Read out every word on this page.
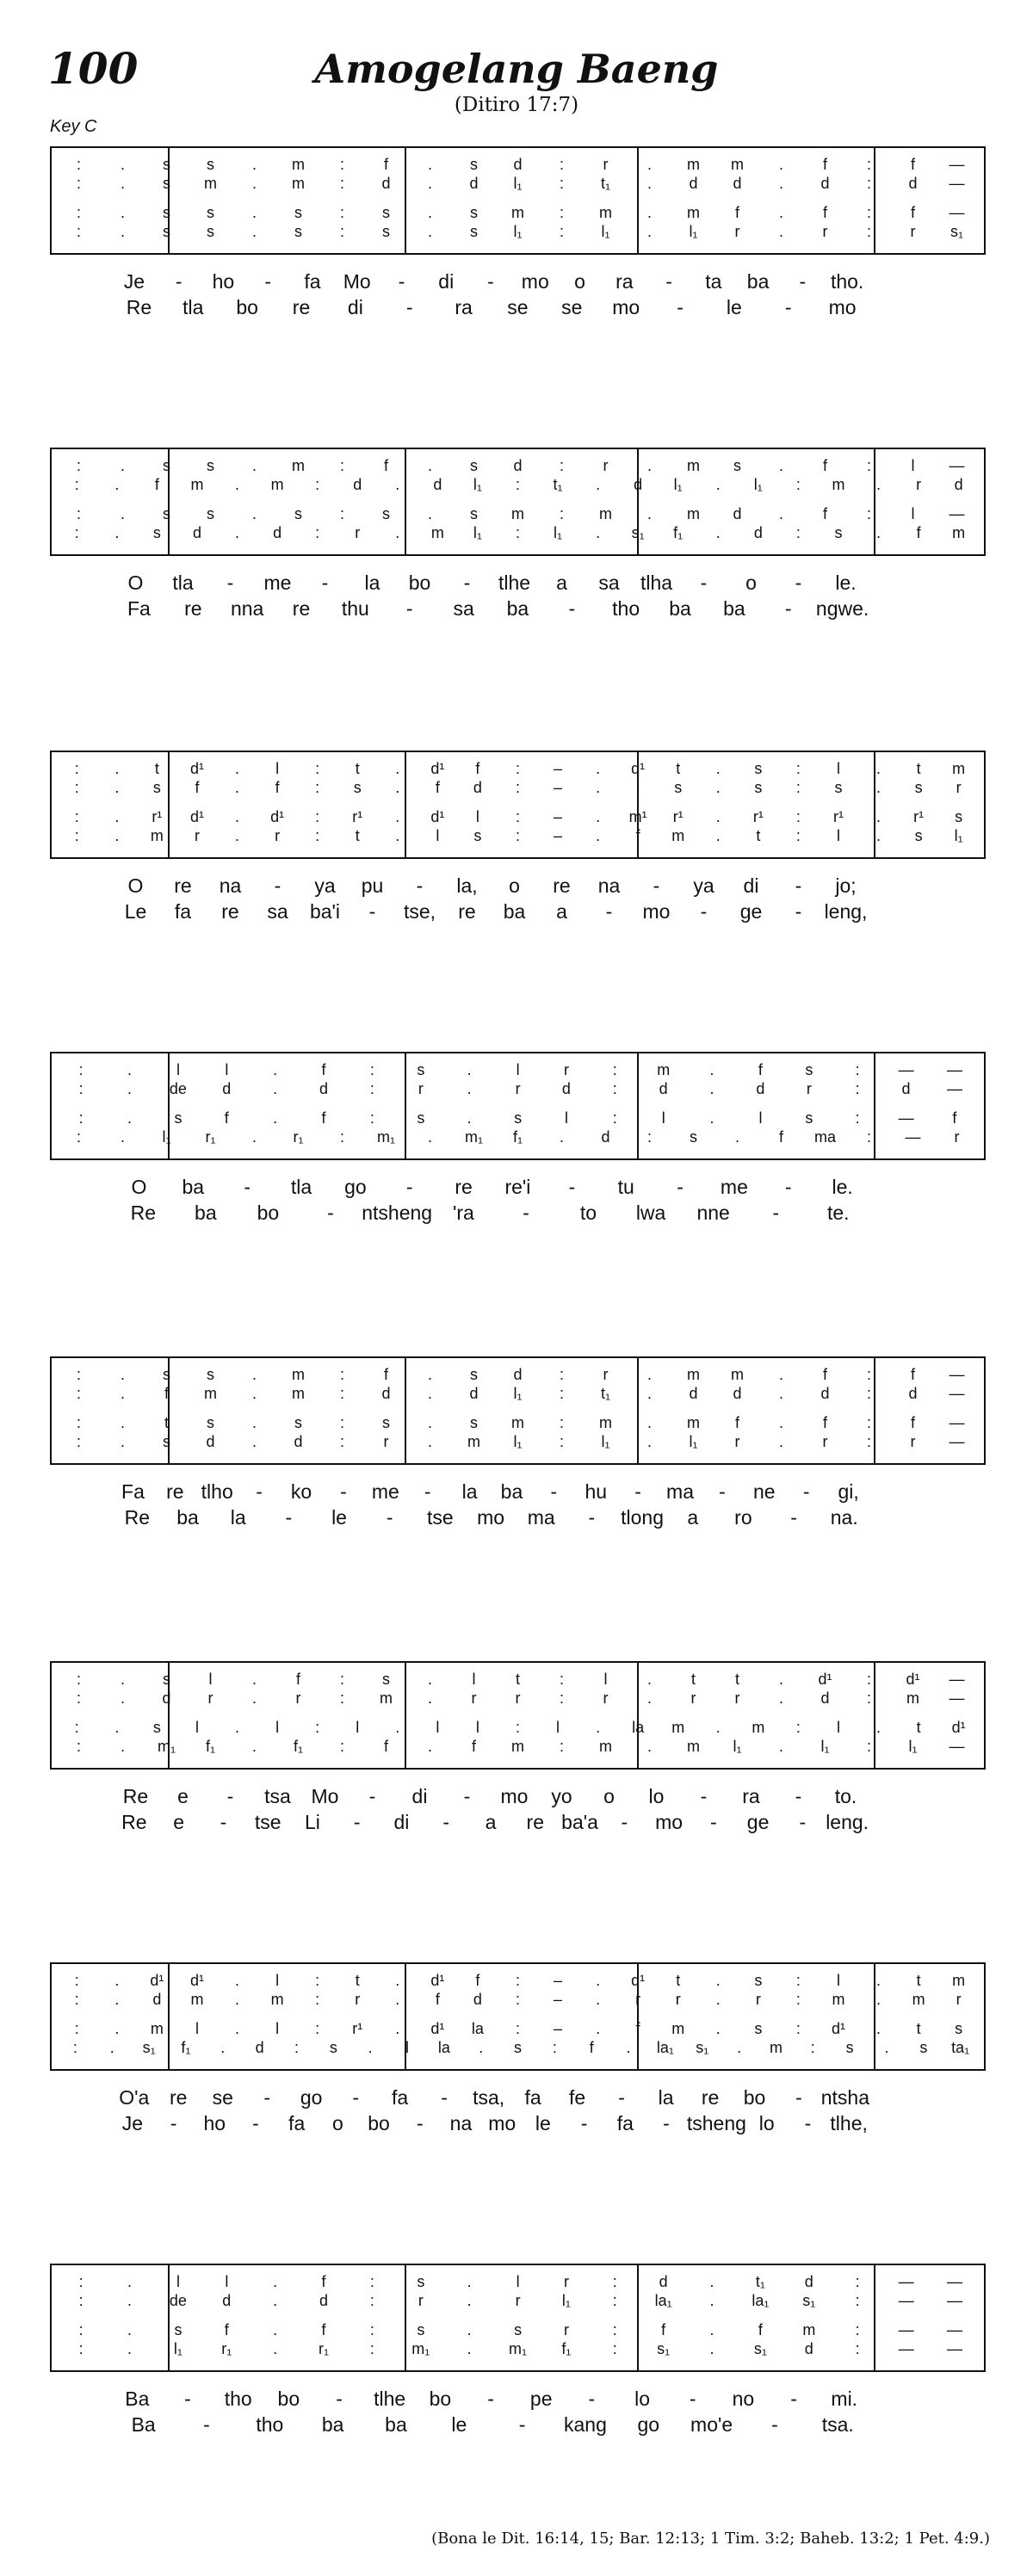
100	Amogelang Baeng
(Ditiro 17:7)
Key C
:	.	s	s	.	m	:	f	.	s	d	:	r	.	m	m	.	f	:	f	—
:	.	s	m	.	m	:	d	.	d	l₁	:	t₁	.	d	d	.	d	:	d	—
:	.	s	s	.	s	:	s	.	s	m	:	m	.	m	f	.	f	:	f	—
:	.	s	s	.	s	:	s	.	s	l₁	:	l₁	.	l₁	r	.	r	:	r	s₁
Je	-	ho	-	fa	Mo	-	di	-	mo	o	ra	-	ta	ba	-	tho.
Re	tla	bo	re	di	-	ra	se	se	mo	-	le	-	mo
:	.	s	s	.	m	:	f	.	s	d	:	r	.	m	s	.	f	:	l	—
:	.	f	m	.	m	:	d	.	d	l₁	:	t₁	.	d	l₁	.	l₁	:	m	.	r	d
:	.	s	s	.	s	:	s	.	s	m	:	m	.	m	d	.	f	:	l	—
:	.	s	d	.	d	:	r	.	m	l₁	:	l₁	.	s₁	f₁	.	d	:	s	.	f	m
O	tla	-	me	-	la	bo	-	tlhe	a	sa	tlha	-	o	-	le.
Fa	re	nna	re	thu	-	sa	ba	-	tho	ba	ba	-	ngwe.
:	.	t	d¹	.	l	:	t	.	d¹	f	:	–	.	d¹	t	.	s	:	l	.	t	m
:	.	s	f	.	f	:	s	.	f	d	:	–	.	l	s	.	s	:	s	.	s	r
:	.	r¹	d¹	.	d¹	:	r¹	.	d¹	l	:	–	.	m¹	r¹	.	r¹	:	r¹	.	r¹	s
:	.	m	r	.	r	:	t	.	l	s	:	–	.	f	m	.	t	:	l	.	s	l₁
O	re	na	-	ya	pu	-	la,	o	re	na	-	ya	di	-	jo;
Le	fa	re	sa	ba'i	-	tse,	re	ba	a	-	mo	-	ge	-	leng,
:	.	l	l	.	f	:	s	.	l	r	:	m	.	f	s	:	—	—
:	.	de	d	.	d	:	r	.	r	d	:	d	.	d	r	:	d	—
:	.	s	f	.	f	:	s	.	s	l	:	l	.	l	s	:	—	f
:	.	l₁	r₁	.	r₁	:	m₁	.	m₁	f₁	.	d	:	s	.	f	ma	:	—	r
O	ba	-	tla	go	-	re	re'i	-	tu	-	me	-	le.
Re	ba	bo	-	ntsheng	'ra	-	to	lwa	nne	-	te.
:	.	s	s	.	m	:	f	.	s	d	:	r	.	m	m	.	f	:	f	—
:	.	f	m	.	m	:	d	.	d	l₁	:	t₁	.	d	d	.	d	:	d	—
:	.	t	s	.	s	:	s	.	s	m	:	m	.	m	f	.	f	:	f	—
:	.	s	d	.	d	:	r	.	m	l₁	:	l₁	.	l₁	r	.	r	:	r	—
Fa	re tlho	-	ko	-	me	-	la	ba	-	hu	-	ma	-	ne	-	gi,
Re	ba	la	-	le	-	tse	mo	ma	-	tlong	a	ro	-	na.
:	.	s	l	.	f	:	s	.	l	t	:	l	.	t	t	.	d¹	:	d¹	—
:	.	d	r	.	r	:	m	.	r	r	:	r	.	r	r	.	d	:	m	—
:	.	s	l	.	l	:	l	.	l	l	:	l	.	la	m	.	m	:	l	.	t	d¹
:	.	m₁	f₁	.	f₁	:	f	.	f	m	:	m	.	m	l₁	.	l₁	:	l₁	—
Re	e	-	tsa	Mo	-	di	-	mo	yo	o	lo	-	ra	-	to.
Re	e	-	tse	Li	-	di	-	a	re ba'a	-	mo	-	ge	- leng.
:	.	d¹	d¹	.	l	:	t	.	d¹	f	:	–	.	d¹	t	.	s	:	l	.	t	m
:	.	d	m	.	m	:	r	.	f	d	:	–	.	r	r	.	r	:	m	.	m	r
:	.	m	l	.	l	:	r¹	.	d¹	la	:	–	.	f	m	.	s	:	d¹	.	t	s
:	.	s₁	f₁	.	d	:	s	.	l	la	.	s	:	f	.	la₁	s₁	.	m	:	s	.	s	ta₁
O'a	re	se	-	go	-	fa	-	tsa,	fa	fe	-	la	re	bo	- ntsha
Je	-	ho	-	fa	o	bo	-	na mo le	-	fa	- tsheng lo	- tlhe,
:	.	l	l	.	f	:	s	.	l	r	:	d	.	t₁	d	:	—	—
:	.	de	d	.	d	:	r	.	r	l₁	:	la₁	.	la₁	s₁	:	—	—
:	.	s	f	.	f	:	s	.	s	r	:	f	.	f	m	:	—	—
:	.	l₁	r₁	.	r₁	:	m₁	.	m₁	f₁	:	s₁	.	s₁	d	:	—	—
Ba	-	tho	bo	-	tlhe	bo	-	pe	-	lo	-	no	-	mi.
Ba	-	tho	ba	ba	le	-	kang	go	mo'e	-	tsa.
(Bona le Dit. 16:14, 15; Bar. 12:13; 1 Tim. 3:2; Baheb. 13:2; 1 Pet. 4:9.)
